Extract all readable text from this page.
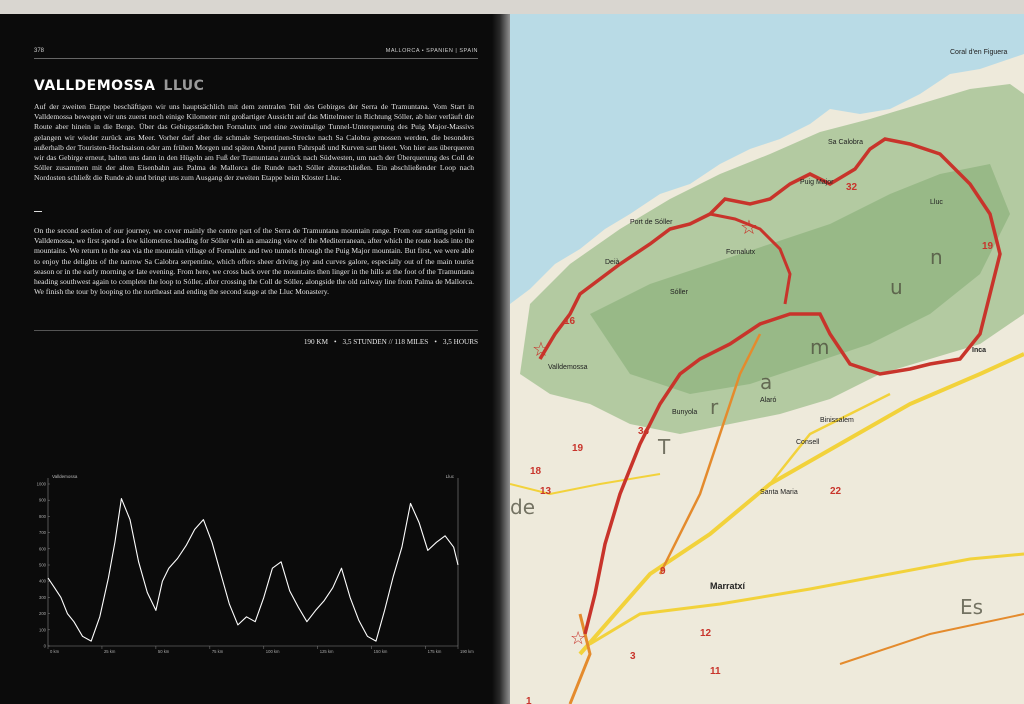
378	MALLORCA • SPANIEN | SPAIN
VALLDEMOSSA LLUC

Auf der zweiten Etappe beschäftigen wir uns hauptsächlich mit dem zentralen Teil des Gebirges der Serra de Tramuntana. Vom Start in Valldemossa bewegen wir uns zuerst noch einige Kilometer mit großartiger Aussicht auf das Mittelmeer in Richtung Sóller, ab hier verläuft die Route aber hinein in die Berge. Über das Gebirgsstädtchen Fornalutx und eine zweimalige Tunnel-Unterquerung des Puig Major-Massivs gelangen wir wieder zurück ans Meer. Vorher darf aber die schmale Serpentinen-Strecke nach Sa Calobra genossen werden, die besonders außerhalb der Touristen-Hochsaison oder am frühen Morgen und späten Abend puren Fahrspaß und Kurven satt bietet. Von hier aus überqueren wir das Gebirge erneut, halten uns dann in den Hügeln am Fuß der Tramuntana zurück nach Südwesten, um nach der Überquerung des Coll de Sóller zusammen mit der alten Eisenbahn aus Palma de Mallorca die Runde nach Sóller abzuschließen. Ein abschließender Loop nach Nordosten schließt die Runde ab und bringt uns zum Ausgang der zweiten Etappe beim Kloster Lluc.

On the second section of our journey, we cover mainly the centre part of the Serra de Tramuntana mountain range. From our starting point in Valldemossa, we first spend a few kilometres heading for Sóller with an amazing view of the Mediterranean, after which the route leads into the mountains. We return to the sea via the mountain village of Fornalutx and two tunnels through the Puig Major mountain. But first, we were able to enjoy the delights of the narrow Sa Calobra serpentine, which offers sheer driving joy and curves galore, especially out of the main tourist season or in the early morning or late evening. From here, we cross back over the mountains then linger in the hills at the foot of the Tramuntana heading southwest again to complete the loop to Sóller, after crossing the Coll de Sóller, alongside the old railway line from Palma de Mallorca. We finish the tour by looping to the northeast and ending the second stage at the Lluc Monastery.

190 KM • 3,5 STUNDEN // 118 MILES • 3,5 HOURS
Valldemossa	Lluc
1000
900
800
700
600
500
400
300
200
100
0
0 km	25 km	50 km	75 km	100 km	125 km	150 km	175 km	190 km
☆
☆
☆
Valldemossa
Sóller
Puig Major
Bunyola
Alaró
Inca
Binissalem
Consell
Santa Maria
Marratxí
Coral d'en Figuera
Sa Calobra
Fornalutx
Lluc
Deià
Port de Sóller
T
r
a
m
u
n
Es
de
32
19
16
34
19
22
1
13
18
9
3
11
12
